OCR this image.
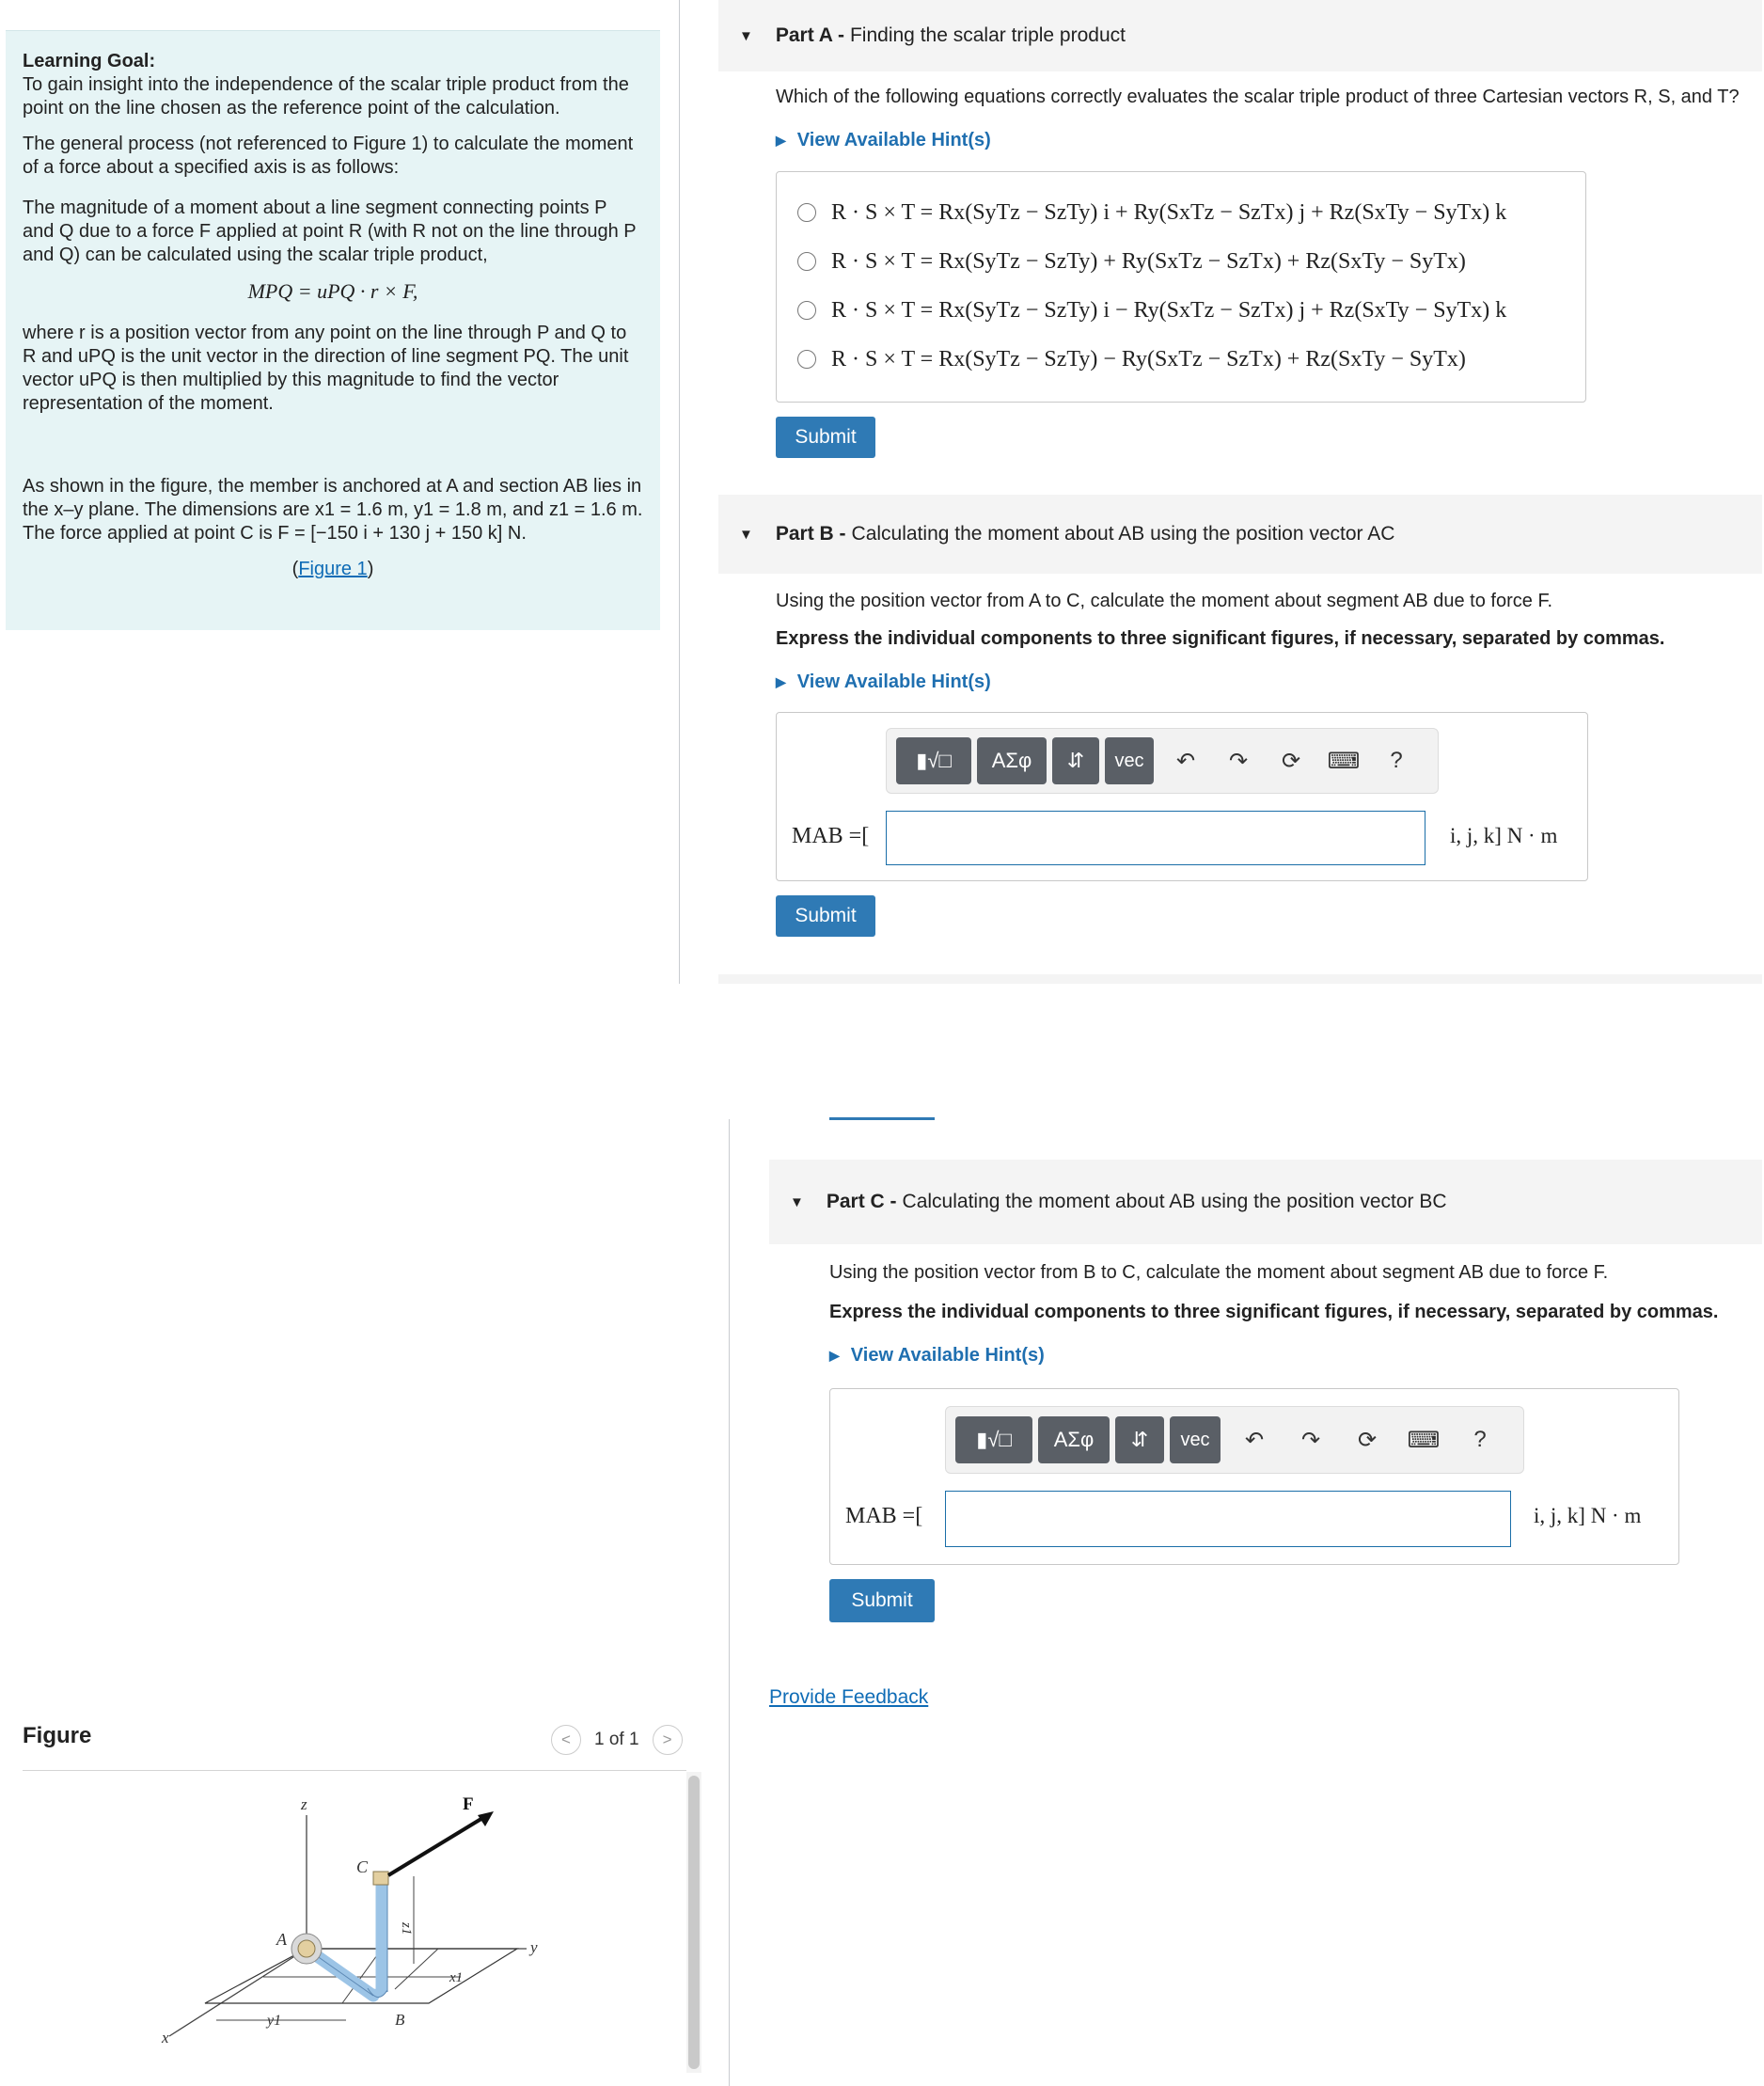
Learning Goal:

To gain insight into the independence of the scalar triple product from the point on the line chosen as the reference point of the calculation.

The general process (not referenced to Figure 1) to calculate the moment of a force about a specified axis is as follows:

The magnitude of a moment about a line segment connecting points P and Q due to a force F applied at point R (with R not on the line through P and Q) can be calculated using the scalar triple product,

MPQ = uPQ · r × F,

where r is a position vector from any point on the line through P and Q to R and uPQ is the unit vector in the direction of line segment PQ. The unit vector uPQ is then multiplied by this magnitude to find the vector representation of the moment.

As shown in the figure, the member is anchored at A and section AB lies in the x–y plane. The dimensions are x1 = 1.6 m, y1 = 1.8 m, and z1 = 1.6 m. The force applied at point C is F = [−150 i + 130 j + 150 k] N.

(Figure 1)
▼ Part A - Finding the scalar triple product
Which of the following equations correctly evaluates the scalar triple product of three Cartesian vectors R, S, and T?
▶ View Available Hint(s)
R · S × T = Rx(SyTz − SzTy) i + Ry(SxTz − SzTx) j + Rz(SxTy − SyTx) k
R · S × T = Rx(SyTz − SzTy) + Ry(SxTz − SzTx) + Rz(SxTy − SyTx)
R · S × T = Rx(SyTz − SzTy) i − Ry(SxTz − SzTx) j + Rz(SxTy − SyTx) k
R · S × T = Rx(SyTz − SzTy) − Ry(SxTz − SzTx) + Rz(SxTy − SyTx)
Submit
▼ Part B - Calculating the moment about AB using the position vector AC
Using the position vector from A to C, calculate the moment about segment AB due to force F.
Express the individual components to three significant figures, if necessary, separated by commas.
▶ View Available Hint(s)
▮√□	ΑΣφ	⇵	vec	↶	↷	⟳	⌨	?
MAB =[	i, j, k] N · m
Submit
▼ Part C - Calculating the moment about AB using the position vector BC
Using the position vector from B to C, calculate the moment about segment AB due to force F.
Express the individual components to three significant figures, if necessary, separated by commas.
▶ View Available Hint(s)
▮√□	ΑΣφ	⇵	vec	↶	↷	⟳	⌨	?
MAB =[	i, j, k] N · m
Submit
Provide Feedback
Figure	<	1 of 1	>
z	F
C
z1
A
x1
y
y1
x
B
